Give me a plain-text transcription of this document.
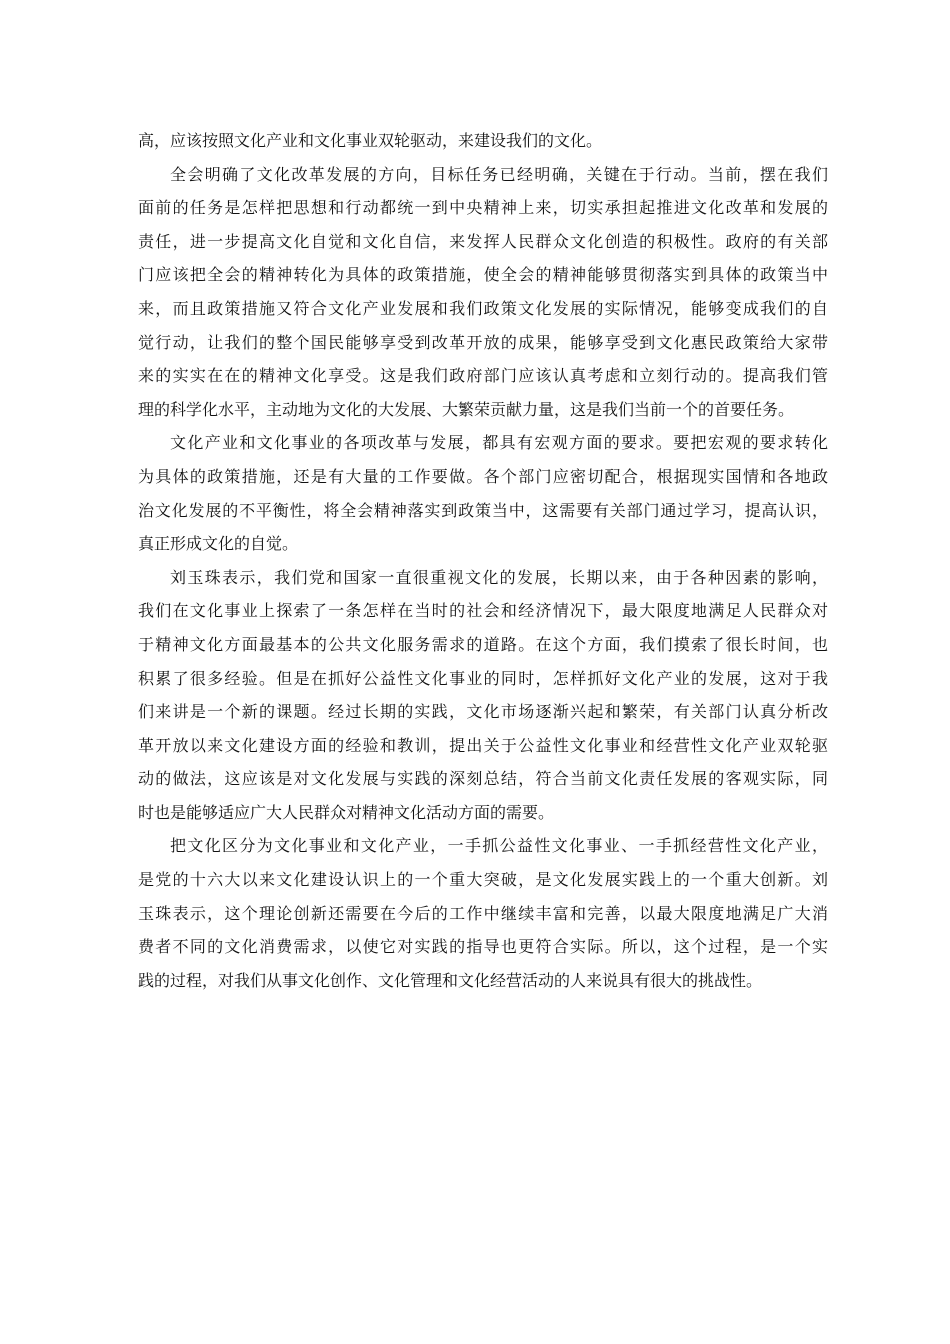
高，应该按照文化产业和文化事业双轮驱动，来建设我们的文化。
全会明确了文化改革发展的方向，目标任务已经明确，关键在于行动。当前，摆在我们
面前的任务是怎样把思想和行动都统一到中央精神上来，切实承担起推进文化改革和发展的
责任，进一步提高文化自觉和文化自信，来发挥人民群众文化创造的积极性。政府的有关部
门应该把全会的精神转化为具体的政策措施，使全会的精神能够贯彻落实到具体的政策当中
来，而且政策措施又符合文化产业发展和我们政策文化发展的实际情况，能够变成我们的自
觉行动，让我们的整个国民能够享受到改革开放的成果，能够享受到文化惠民政策给大家带
来的实实在在的精神文化享受。这是我们政府部门应该认真考虑和立刻行动的。提高我们管
理的科学化水平，主动地为文化的大发展、大繁荣贡献力量，这是我们当前一个的首要任务。
文化产业和文化事业的各项改革与发展，都具有宏观方面的要求。要把宏观的要求转化
为具体的政策措施，还是有大量的工作要做。各个部门应密切配合，根据现实国情和各地政
治文化发展的不平衡性，将全会精神落实到政策当中，这需要有关部门通过学习，提高认识，
真正形成文化的自觉。
刘玉珠表示，我们党和国家一直很重视文化的发展，长期以来，由于各种因素的影响，
我们在文化事业上探索了一条怎样在当时的社会和经济情况下，最大限度地满足人民群众对
于精神文化方面最基本的公共文化服务需求的道路。在这个方面，我们摸索了很长时间，也
积累了很多经验。但是在抓好公益性文化事业的同时，怎样抓好文化产业的发展，这对于我
们来讲是一个新的课题。经过长期的实践，文化市场逐渐兴起和繁荣，有关部门认真分析改
革开放以来文化建设方面的经验和教训，提出关于公益性文化事业和经营性文化产业双轮驱
动的做法，这应该是对文化发展与实践的深刻总结，符合当前文化责任发展的客观实际，同
时也是能够适应广大人民群众对精神文化活动方面的需要。
把文化区分为文化事业和文化产业，一手抓公益性文化事业、一手抓经营性文化产业，
是党的十六大以来文化建设认识上的一个重大突破，是文化发展实践上的一个重大创新。刘
玉珠表示，这个理论创新还需要在今后的工作中继续丰富和完善，以最大限度地满足广大消
费者不同的文化消费需求，以使它对实践的指导也更符合实际。所以，这个过程，是一个实
践的过程，对我们从事文化创作、文化管理和文化经营活动的人来说具有很大的挑战性。
